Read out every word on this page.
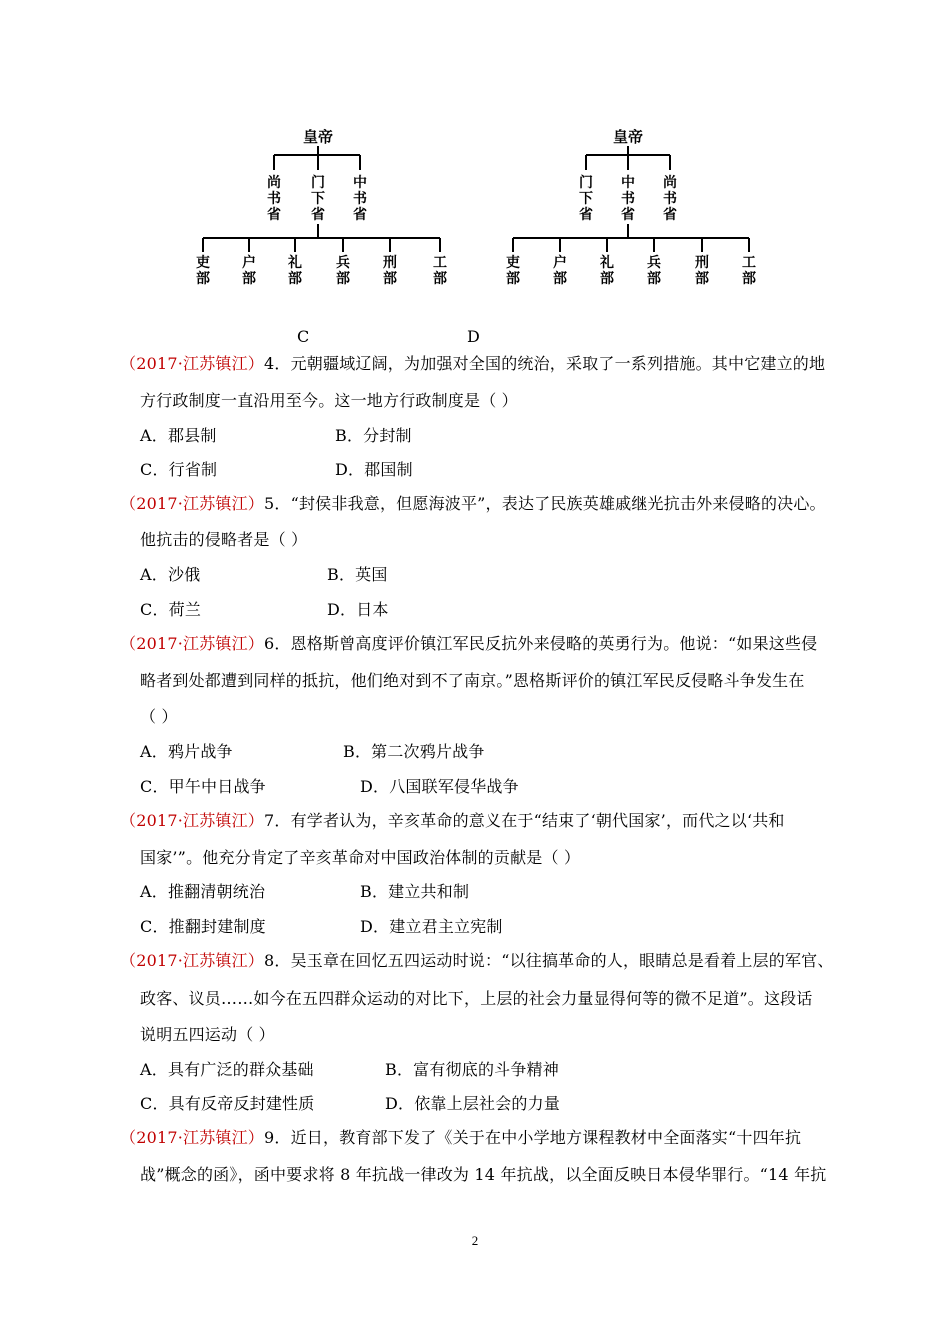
皇帝
尚
书
省
门
下
省
中
书
省
吏
部
户
部
礼
部
兵
部
刑
部
工
部
皇帝
门
下
省
中
书
省
尚
书
省
吏
部
户
部
礼
部
兵
部
刑
部
工
部
C	D
（2017·江苏镇江）4．元朝疆域辽阔，为加强对全国的统治，采取了一系列措施。其中它建立的地
方行政制度一直沿用至今。这一地方行政制度是（ ）
A．郡县制	B．分封制
C．行省制	D．郡国制
（2017·江苏镇江）5．“封侯非我意，但愿海波平”，表达了民族英雄戚继光抗击外来侵略的决心。
他抗击的侵略者是（ ）
A．沙俄	B．英国
C．荷兰	D．日本
（2017·江苏镇江）6．恩格斯曾高度评价镇江军民反抗外来侵略的英勇行为。他说：“如果这些侵
略者到处都遭到同样的抵抗，他们绝对到不了南京。”恩格斯评价的镇江军民反侵略斗争发生在
（ ）
A．鸦片战争	B．第二次鸦片战争
C．甲午中日战争	D．八国联军侵华战争
（2017·江苏镇江）7．有学者认为，辛亥革命的意义在于“结束了‘朝代国家’，而代之以‘共和
国家’”。他充分肯定了辛亥革命对中国政治体制的贡献是（ ）
A．推翻清朝统治	B．建立共和制
C．推翻封建制度	D．建立君主立宪制
（2017·江苏镇江）8．吴玉章在回忆五四运动时说：“以往搞革命的人，眼睛总是看着上层的军官、
政客、议员……如今在五四群众运动的对比下，上层的社会力量显得何等的微不足道”。这段话
说明五四运动（ ）
A．具有广泛的群众基础	B．富有彻底的斗争精神
C．具有反帝反封建性质	D．依靠上层社会的力量
（2017·江苏镇江）9．近日，教育部下发了《关于在中小学地方课程教材中全面落实“十四年抗
战”概念的函》，函中要求将 8 年抗战一律改为 14 年抗战，以全面反映日本侵华罪行。“14 年抗
2
